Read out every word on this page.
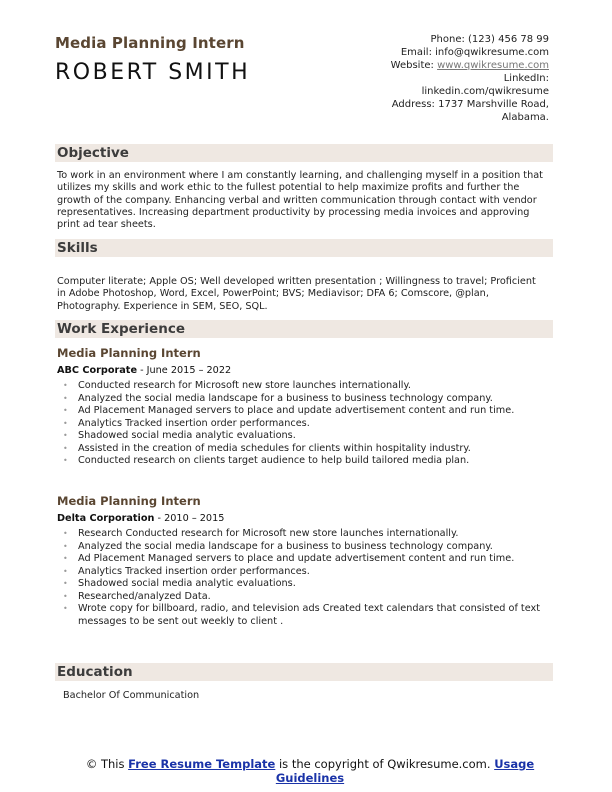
Media Planning Intern
ROBERT SMITH
Phone: (123) 456 78 99
Email: info@qwikresume.com
Website: www.qwikresume.com
LinkedIn:
linkedin.com/qwikresume
Address: 1737 Marshville Road,
Alabama.
Objective
To work in an environment where I am constantly learning, and challenging myself in a position that utilizes my skills and work ethic to the fullest potential to help maximize profits and further the growth of the company. Enhancing verbal and written communication through contact with vendor representatives. Increasing department productivity by processing media invoices and approving print ad tear sheets.
Skills
Computer literate; Apple OS; Well developed written presentation ; Willingness to travel; Proficient in Adobe Photoshop, Word, Excel, PowerPoint; BVS; Mediavisor; DFA 6; Comscore, @plan, Photography. Experience in SEM, SEO, SQL.
Work Experience
Media Planning Intern
ABC Corporate - June 2015 – 2022
• Conducted research for Microsoft new store launches internationally.
• Analyzed the social media landscape for a business to business technology company.
• Ad Placement Managed servers to place and update advertisement content and run time.
• Analytics Tracked insertion order performances.
• Shadowed social media analytic evaluations.
• Assisted in the creation of media schedules for clients within hospitality industry.
• Conducted research on clients target audience to help build tailored media plan.
Media Planning Intern
Delta Corporation - 2010 – 2015
• Research Conducted research for Microsoft new store launches internationally.
• Analyzed the social media landscape for a business to business technology company.
• Ad Placement Managed servers to place and update advertisement content and run time.
• Analytics Tracked insertion order performances.
• Shadowed social media analytic evaluations.
• Researched/analyzed Data.
• Wrote copy for billboard, radio, and television ads Created text calendars that consisted of text messages to be sent out weekly to client .
Education
Bachelor Of Communication
© This Free Resume Template is the copyright of Qwikresume.com. Usage Guidelines
